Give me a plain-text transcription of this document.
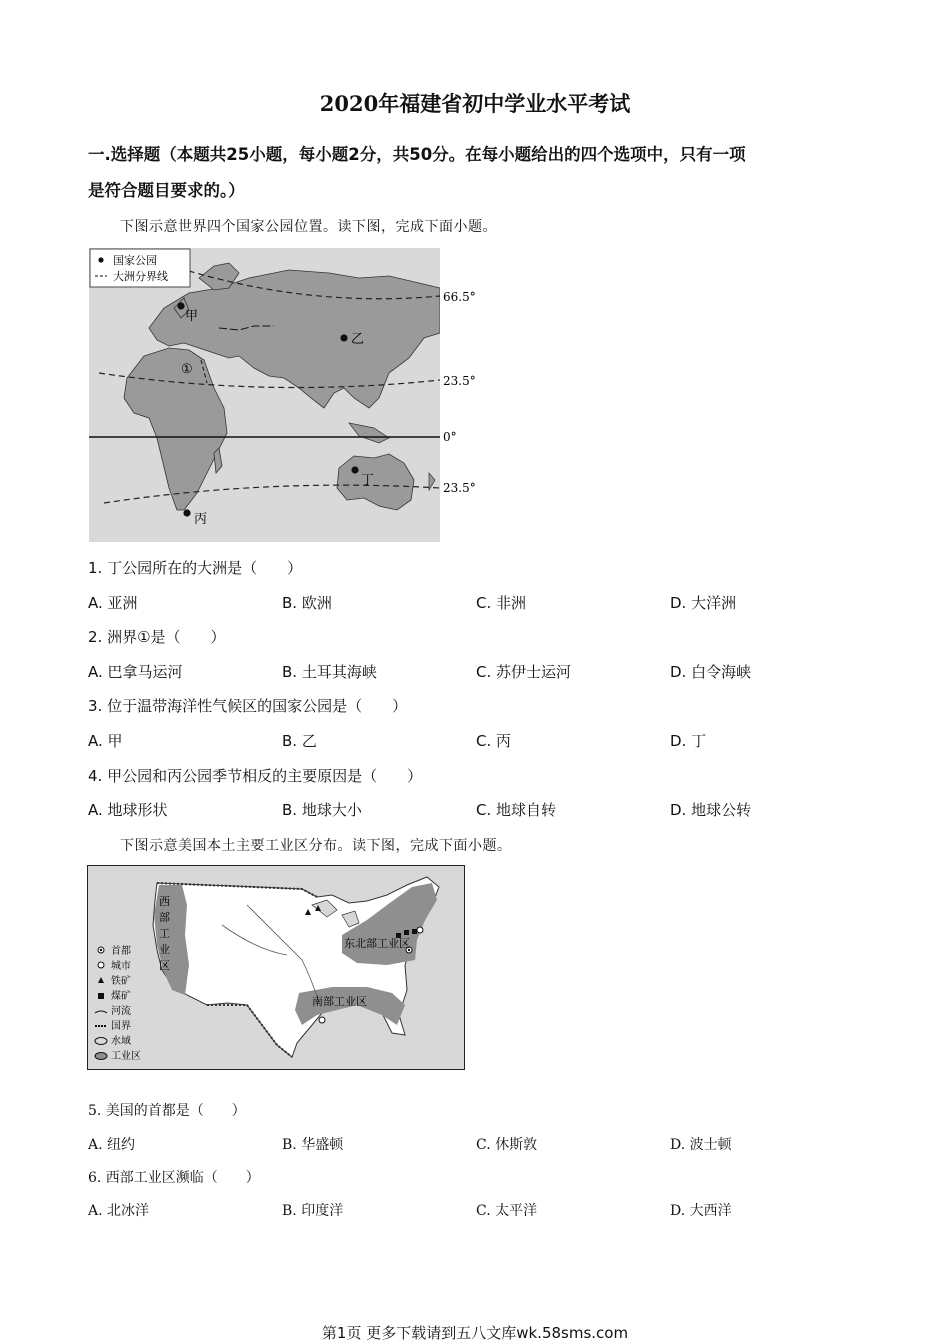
2020年福建省初中学业水平考试
一.选择题（本题共25小题，每小题2分，共50分。在每小题给出的四个选项中，只有一项
是符合题目要求的。）
下图示意世界四个国家公园位置。读下图，完成下面小题。
甲
乙
丙
丁
①
国家公园
大洲分界线
66.5°
23.5°
0°
23.5°
1. 丁公园所在的大洲是（　　）
A. 亚洲	B. 欧洲	C. 非洲	D. 大洋洲
2. 洲界①是（　　）
A. 巴拿马运河	B. 土耳其海峡	C. 苏伊士运河	D. 白令海峡
3. 位于温带海洋性气候区的国家公园是（　　）
A. 甲	B. 乙	C. 丙	D. 丁
4. 甲公园和丙公园季节相反的主要原因是（　　）
A. 地球形状	B. 地球大小	C. 地球自转	D. 地球公转
下图示意美国本土主要工业区分布。读下图，完成下面小题。
西
部
工
业
区
东北部工业区
南部工业区
首都
城市
铁矿
煤矿
河流
国界
水域
工业区
5. 美国的首都是（　　）
A. 纽约	B. 华盛顿	C. 休斯敦	D. 波士顿
6. 西部工业区濒临（　　）
A. 北冰洋	B. 印度洋	C. 太平洋	D. 大西洋
第1页 更多下载请到五八文库wk.58sms.com
